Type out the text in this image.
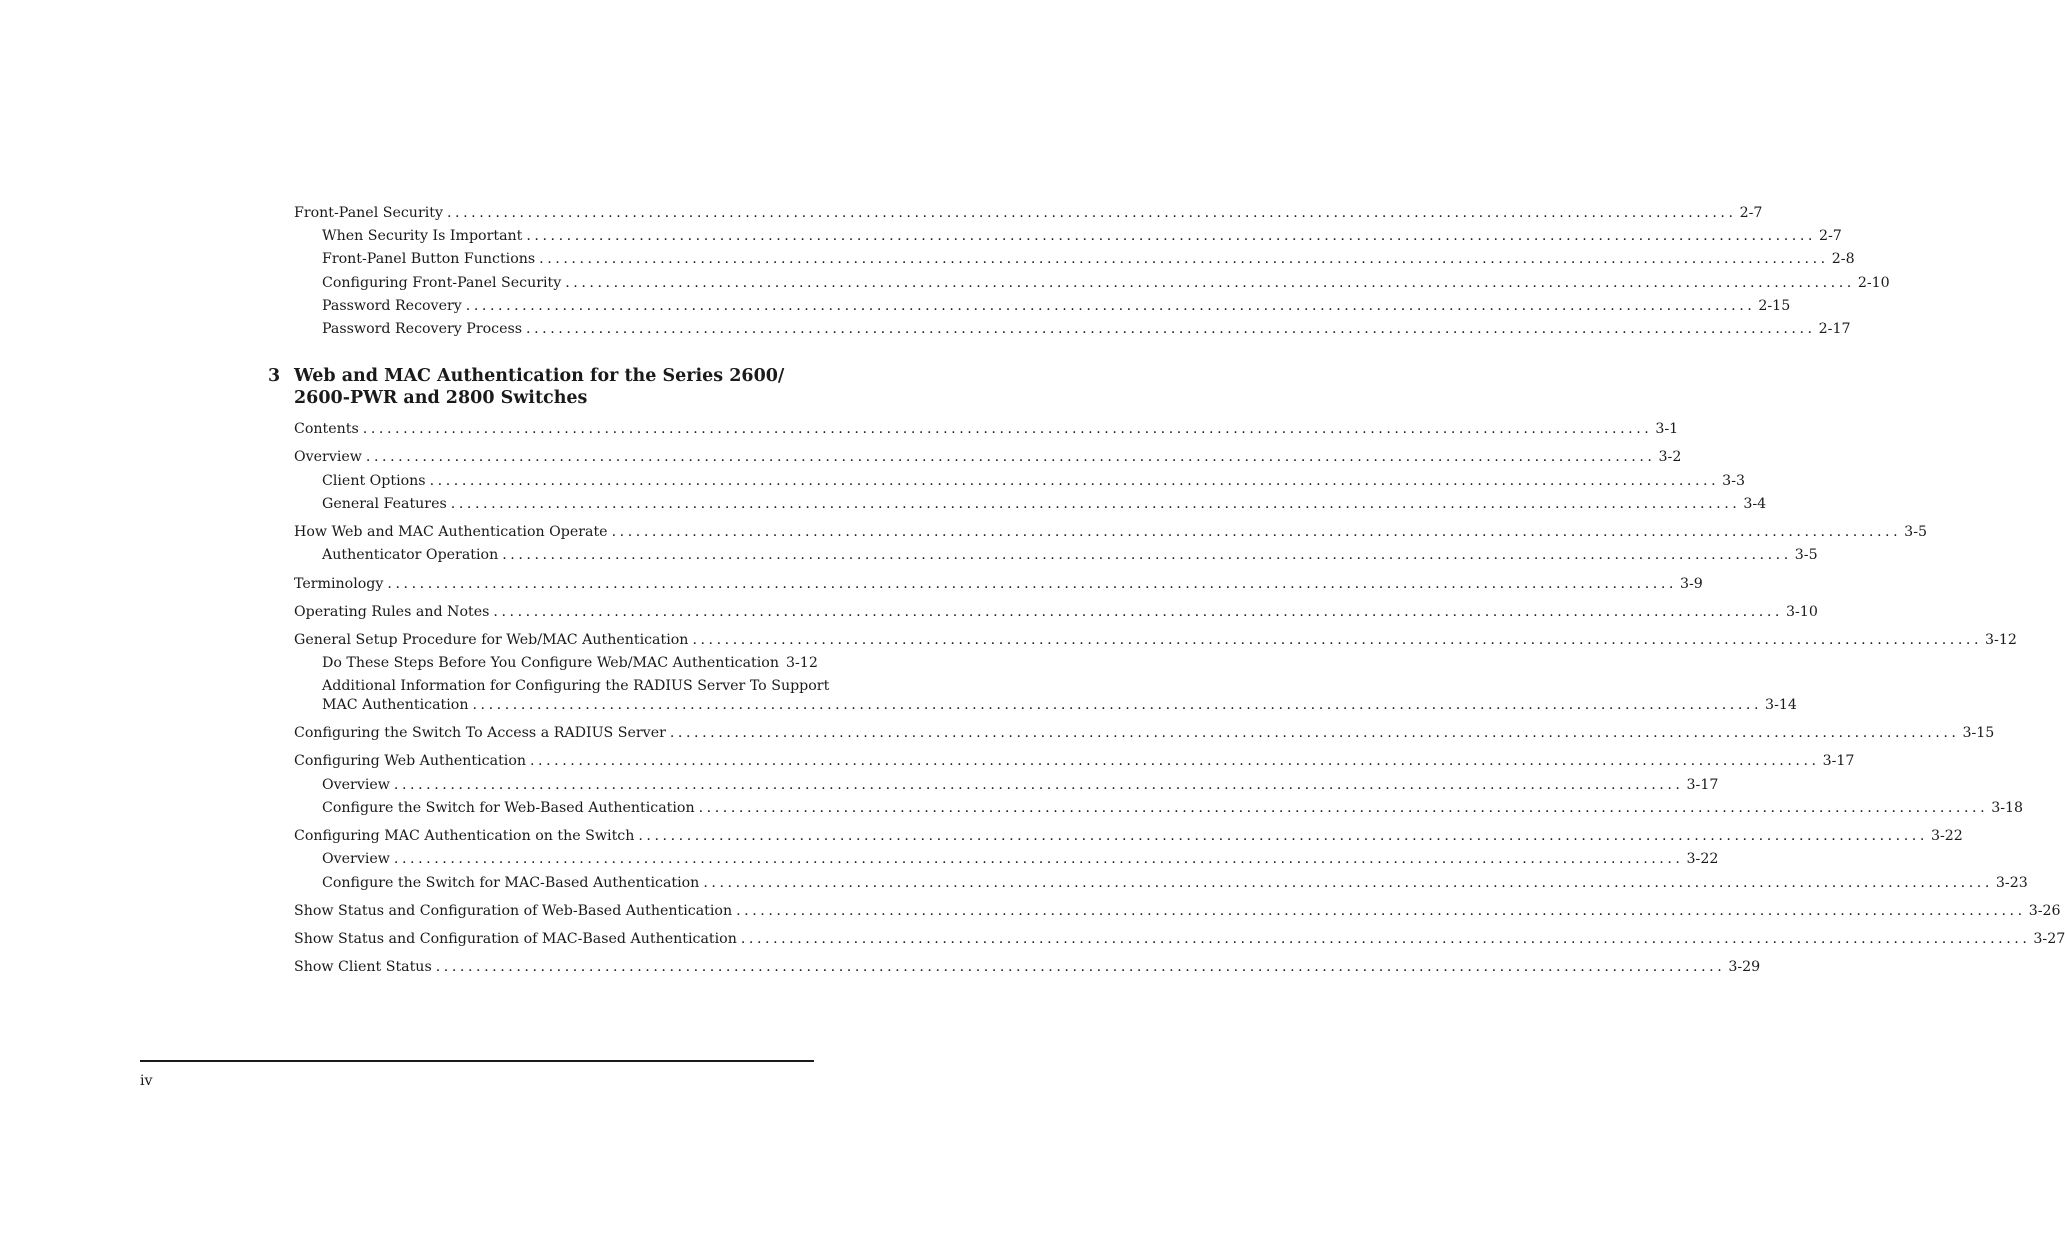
Front-Panel Security ................................................................................................................................................................ 2-7
When Security Is Important ................................................................................................................................................................ 2-7
Front-Panel Button Functions ................................................................................................................................................................ 2-8
Configuring Front-Panel Security ................................................................................................................................................................ 2-10
Password Recovery ................................................................................................................................................................ 2-15
Password Recovery Process ................................................................................................................................................................ 2-17
3 Web and MAC Authentication for the Series 2600/
2600-PWR and 2800 Switches
Contents ................................................................................................................................................................ 3-1
Overview ................................................................................................................................................................ 3-2
Client Options ................................................................................................................................................................ 3-3
General Features ................................................................................................................................................................ 3-4
How Web and MAC Authentication Operate ................................................................................................................................................................ 3-5
Authenticator Operation ................................................................................................................................................................ 3-5
Terminology ................................................................................................................................................................ 3-9
Operating Rules and Notes ................................................................................................................................................................ 3-10
General Setup Procedure for Web/MAC Authentication ................................................................................................................................................................ 3-12
Do These Steps Before You Configure Web/MAC Authentication 3-12
Additional Information for Configuring the RADIUS Server To Support
MAC Authentication ................................................................................................................................................................ 3-14
Configuring the Switch To Access a RADIUS Server ................................................................................................................................................................ 3-15
Configuring Web Authentication ................................................................................................................................................................ 3-17
Overview ................................................................................................................................................................ 3-17
Configure the Switch for Web-Based Authentication ................................................................................................................................................................ 3-18
Configuring MAC Authentication on the Switch ................................................................................................................................................................ 3-22
Overview ................................................................................................................................................................ 3-22
Configure the Switch for MAC-Based Authentication ................................................................................................................................................................ 3-23
Show Status and Configuration of Web-Based Authentication ................................................................................................................................................................ 3-26
Show Status and Configuration of MAC-Based Authentication ................................................................................................................................................................ 3-27
Show Client Status ................................................................................................................................................................ 3-29
iv
